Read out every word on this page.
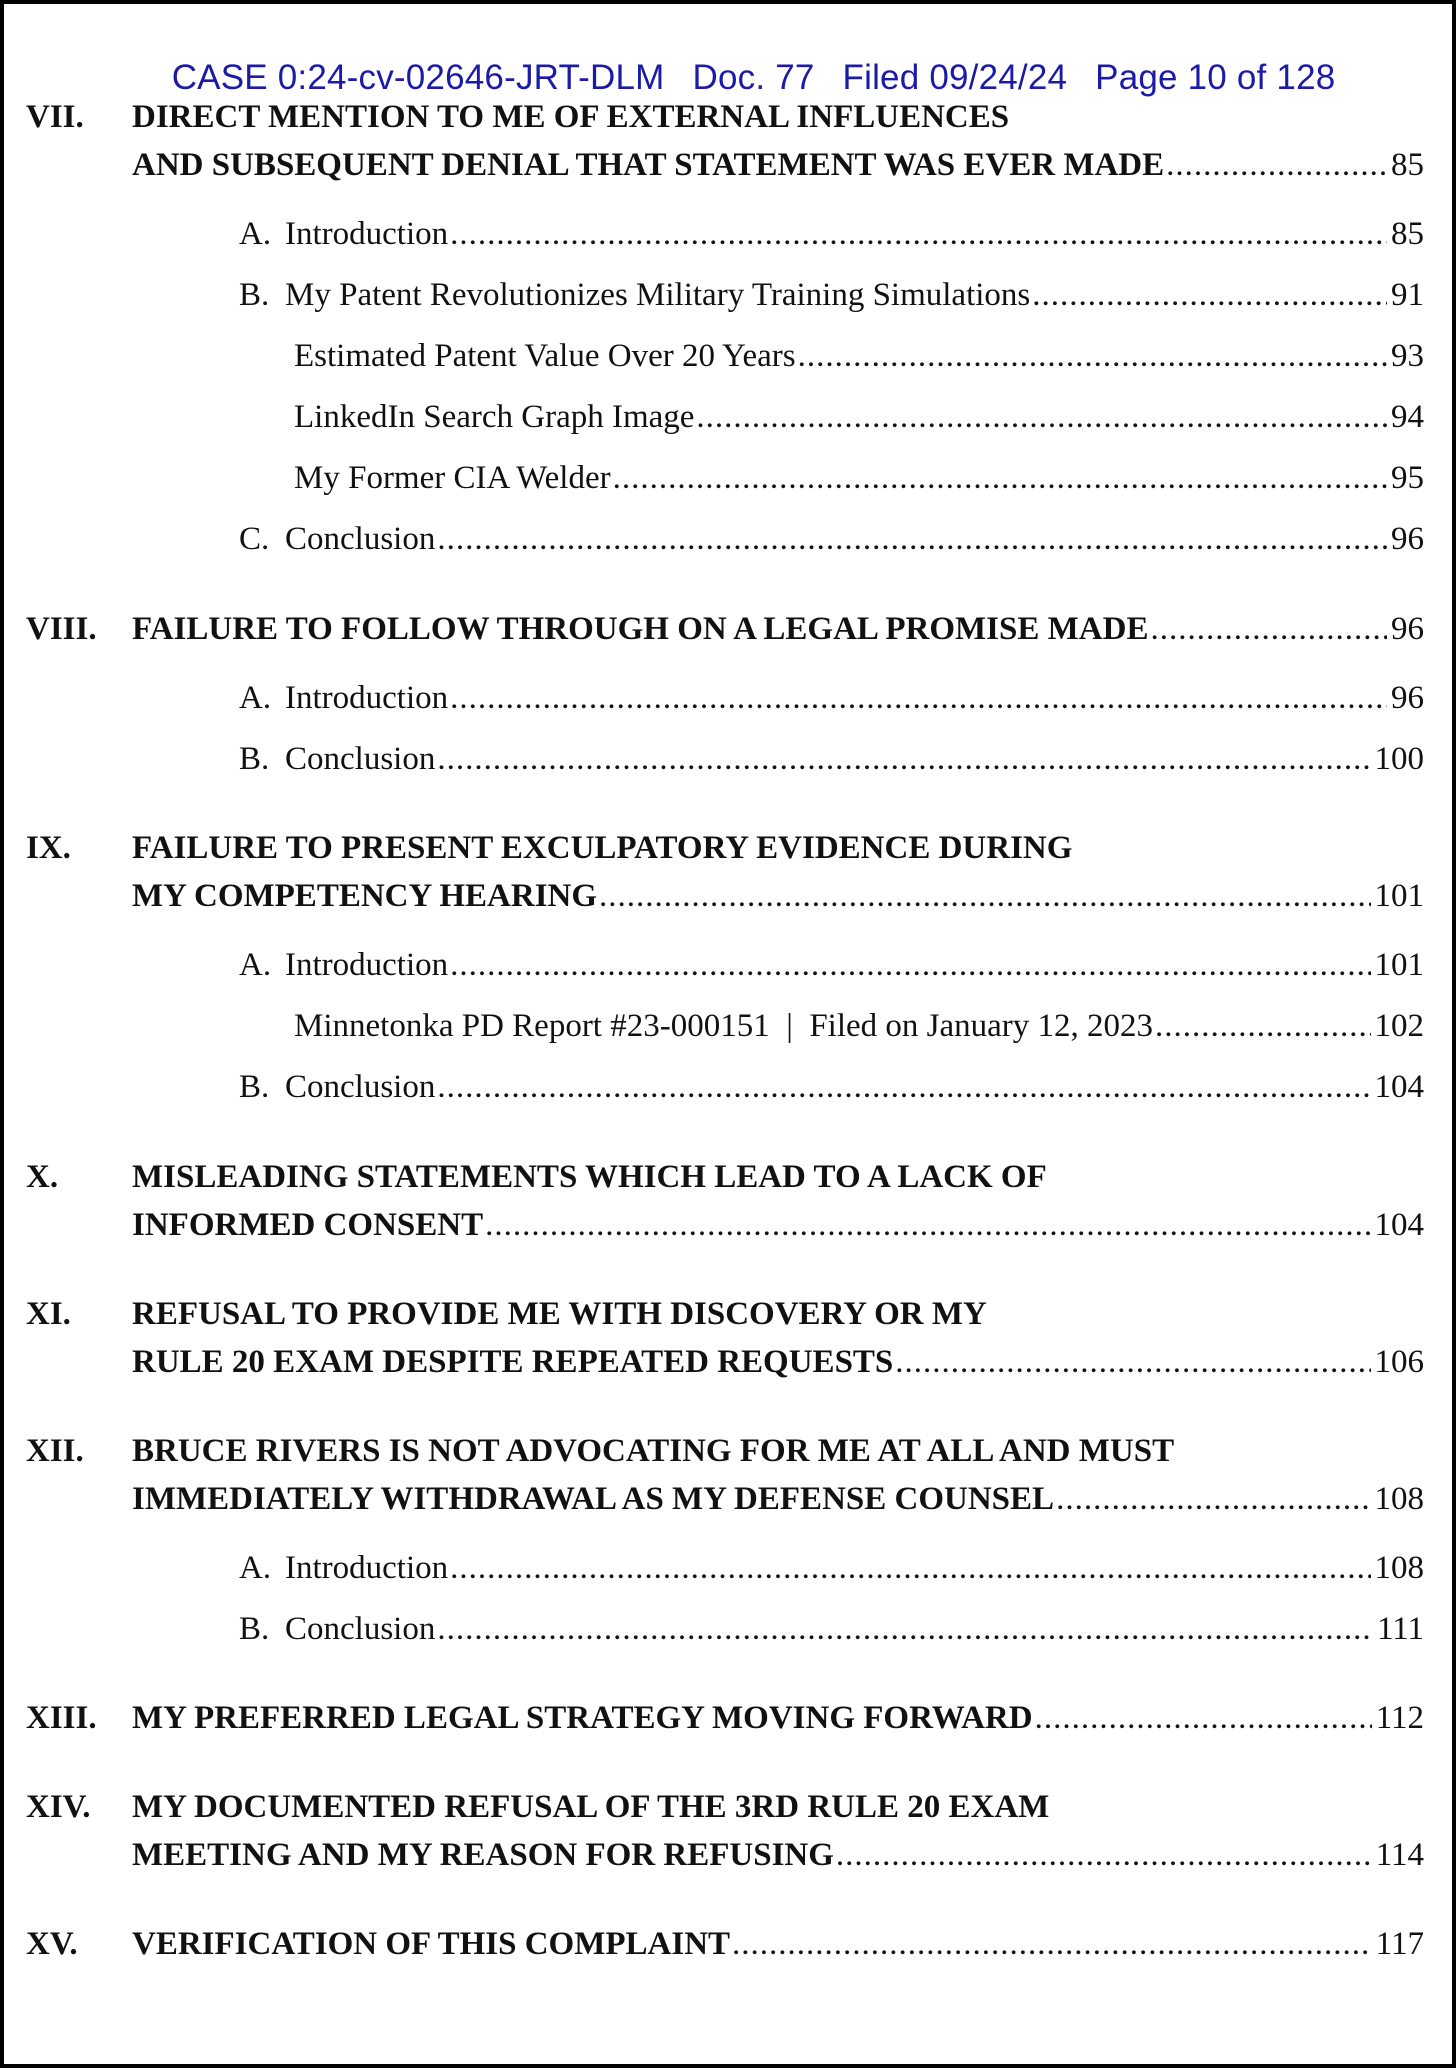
CASE 0:24-cv-02646-JRT-DLM Doc. 77 Filed 09/24/24 Page 10 of 128

VII. DIRECT MENTION TO ME OF EXTERNAL INFLUENCES
AND SUBSEQUENT DENIAL THAT STATEMENT WAS EVER MADE .....	85
A. Introduction .....	85
B. My Patent Revolutionizes Military Training Simulations .....	91
Estimated Patent Value Over 20 Years .....	93
LinkedIn Search Graph Image .....	94
My Former CIA Welder .....	95
C. Conclusion .....	96
VIII. FAILURE TO FOLLOW THROUGH ON A LEGAL PROMISE MADE .....	96
A. Introduction .....	96
B. Conclusion .....	100
IX. FAILURE TO PRESENT EXCULPATORY EVIDENCE DURING
MY COMPETENCY HEARING .....	101
A. Introduction .....	101
Minnetonka PD Report #23-000151  |  Filed on January 12, 2023 .....	102
B. Conclusion .....	104
X. MISLEADING STATEMENTS WHICH LEAD TO A LACK OF
INFORMED CONSENT .....	104
XI. REFUSAL TO PROVIDE ME WITH DISCOVERY OR MY
RULE 20 EXAM DESPITE REPEATED REQUESTS .....	106
XII. BRUCE RIVERS IS NOT ADVOCATING FOR ME AT ALL AND MUST
IMMEDIATELY WITHDRAWAL AS MY DEFENSE COUNSEL .....	108
A. Introduction .....	108
B. Conclusion .....	111
XIII. MY PREFERRED LEGAL STRATEGY MOVING FORWARD .....	112
XIV. MY DOCUMENTED REFUSAL OF THE 3RD RULE 20 EXAM
MEETING AND MY REASON FOR REFUSING .....	114
XV. VERIFICATION OF THIS COMPLAINT .....	117
